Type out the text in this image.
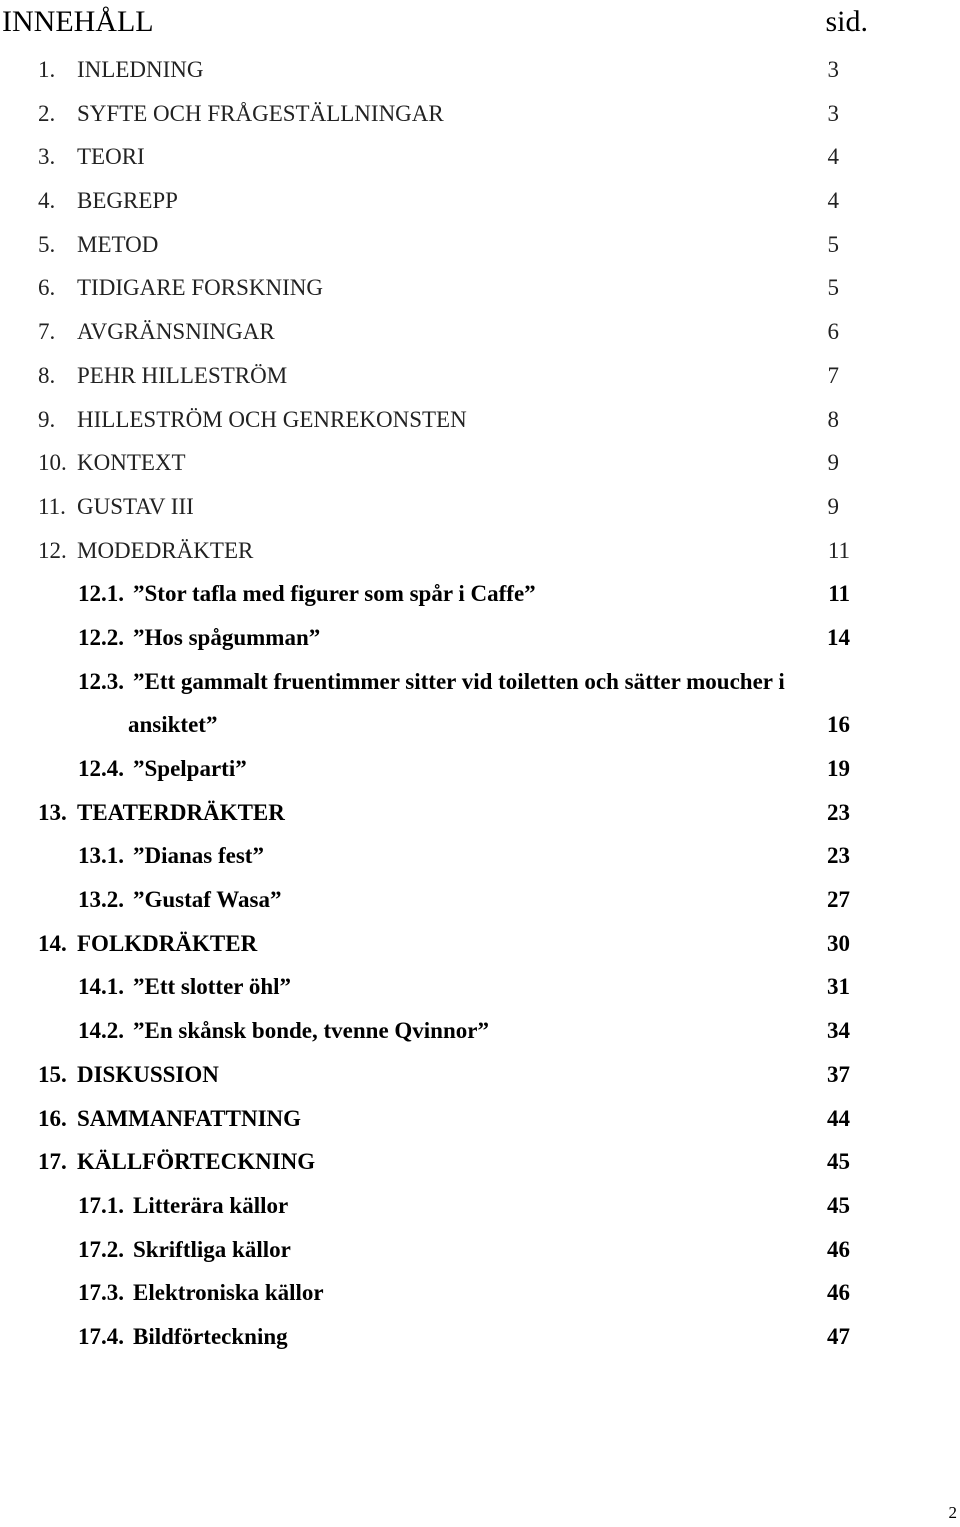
INNEHÅLL	sid.
1. INLEDNING	3
2. SYFTE OCH FRÅGESTÄLLNINGAR	3
3. TEORI	4
4. BEGREPP	4
5. METOD	5
6. TIDIGARE FORSKNING	5
7. AVGRÄNSNINGAR	6
8. PEHR HILLESTRÖM	7
9. HILLESTRÖM OCH GENREKONSTEN	8
10. KONTEXT	9
11. GUSTAV III	9
12. MODEDRÄKTER	11
12.1. ”Stor tafla med figurer som spår i Caffe”	11
12.2. ”Hos spågumman”	14
12.3. ”Ett gammalt fruentimmer sitter vid toiletten och sätter moucher i
ansiktet”	16
12.4. ”Spelparti”	19
13. TEATERDRÄKTER	23
13.1. ”Dianas fest”	23
13.2. ”Gustaf Wasa”	27
14. FOLKDRÄKTER	30
14.1. ”Ett slotter öhl”	31
14.2. ”En skånsk bonde, tvenne Qvinnor”	34
15. DISKUSSION	37
16. SAMMANFATTNING	44
17. KÄLLFÖRTECKNING	45
17.1. Litterära källor	45
17.2. Skriftliga källor	46
17.3. Elektroniska källor	46
17.4. Bildförteckning	47
2
